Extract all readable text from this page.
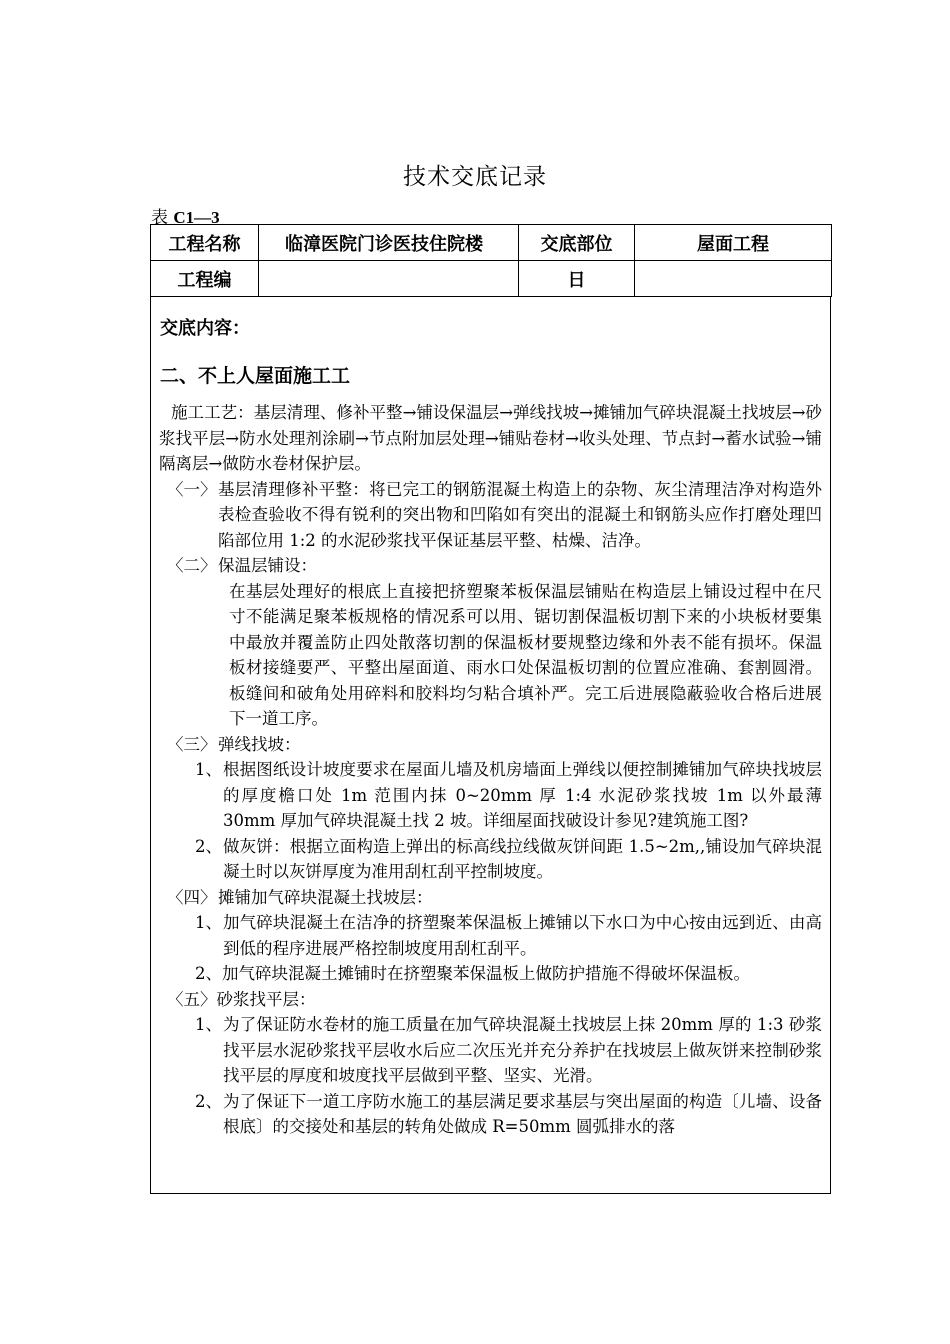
技术交底记录
表 C1—3
工程名称	临漳医院门诊医技住院楼	交底部位	屋面工程
工程编		日	
交底内容：
二、不上人屋面施工工

施工工艺：基层清理、修补平整→铺设保温层→弹线找坡→摊铺加气碎块混凝土找坡层→砂浆找平层→防水处理剂涂刷→节点附加层处理→铺贴卷材→收头处理、节点封→蓄水试验→铺隔离层→做防水卷材保护层。

〈一〉 基层清理修补平整：将已完工的钢筋混凝土构造上的杂物、灰尘清理洁净对构造外表检查验收不得有锐利的突出物和凹陷如有突出的混凝土和钢筋头应作打磨处理凹陷部位用 1:2 的水泥砂浆找平保证基层平整、枯燥、洁净。

〈二〉 保温层铺设：

在基层处理好的根底上直接把挤塑聚苯板保温层铺贴在构造层上铺设过程中在尺寸不能满足聚苯板规格的情况系可以用、锯切割保温板切割下来的小块板材要集中最放并覆盖防止四处散落切割的保温板材要规整边缘和外表不能有损坏。保温板材接缝要严、平整出屋面道、雨水口处保温板切割的位置应准确、套割圆滑。板缝间和破角处用碎料和胶料均匀粘合填补严。完工后进展隐蔽验收合格后进展下一道工序。

〈三〉 弹线找坡：
1、 根据图纸设计坡度要求在屋面儿墙及机房墙面上弹线以便控制摊铺加气碎块找坡层的厚度檐口处 1m 范围内抹 0~20mm 厚 1:4 水泥砂浆找坡 1m 以外最薄 30mm 厚加气碎块混凝土找 2 坡。详细屋面找破设计参见?建筑施工图?

2、 做灰饼：根据立面构造上弹出的标高线拉线做灰饼间距 1.5~2m,,铺设加气碎块混凝土时以灰饼厚度为准用刮杠刮平控制坡度。

〈四〉 摊铺加气碎块混凝土找坡层：
1、 加气碎块混凝土在洁净的挤塑聚苯保温板上摊铺以下水口为中心按由远到近、由高到低的程序进展严格控制坡度用刮杠刮平。

2、加气碎块混凝土摊铺时在挤塑聚苯保温板上做防护措施不得破坏保温板。

〈五〉砂浆找平层：
1、 为了保证防水卷材的施工质量在加气碎块混凝土找坡层上抹 20mm 厚的 1:3 砂浆找平层水泥砂浆找平层收水后应二次压光并充分养护在找坡层上做灰饼来控制砂浆找平层的厚度和坡度找平层做到平整、坚实、光滑。

2、 为了保证下一道工序防水施工的基层满足要求基层与突出屋面的构造〔儿墙、设备根底〕的交接处和基层的转角处做成 R=50mm 圆弧排水的落
